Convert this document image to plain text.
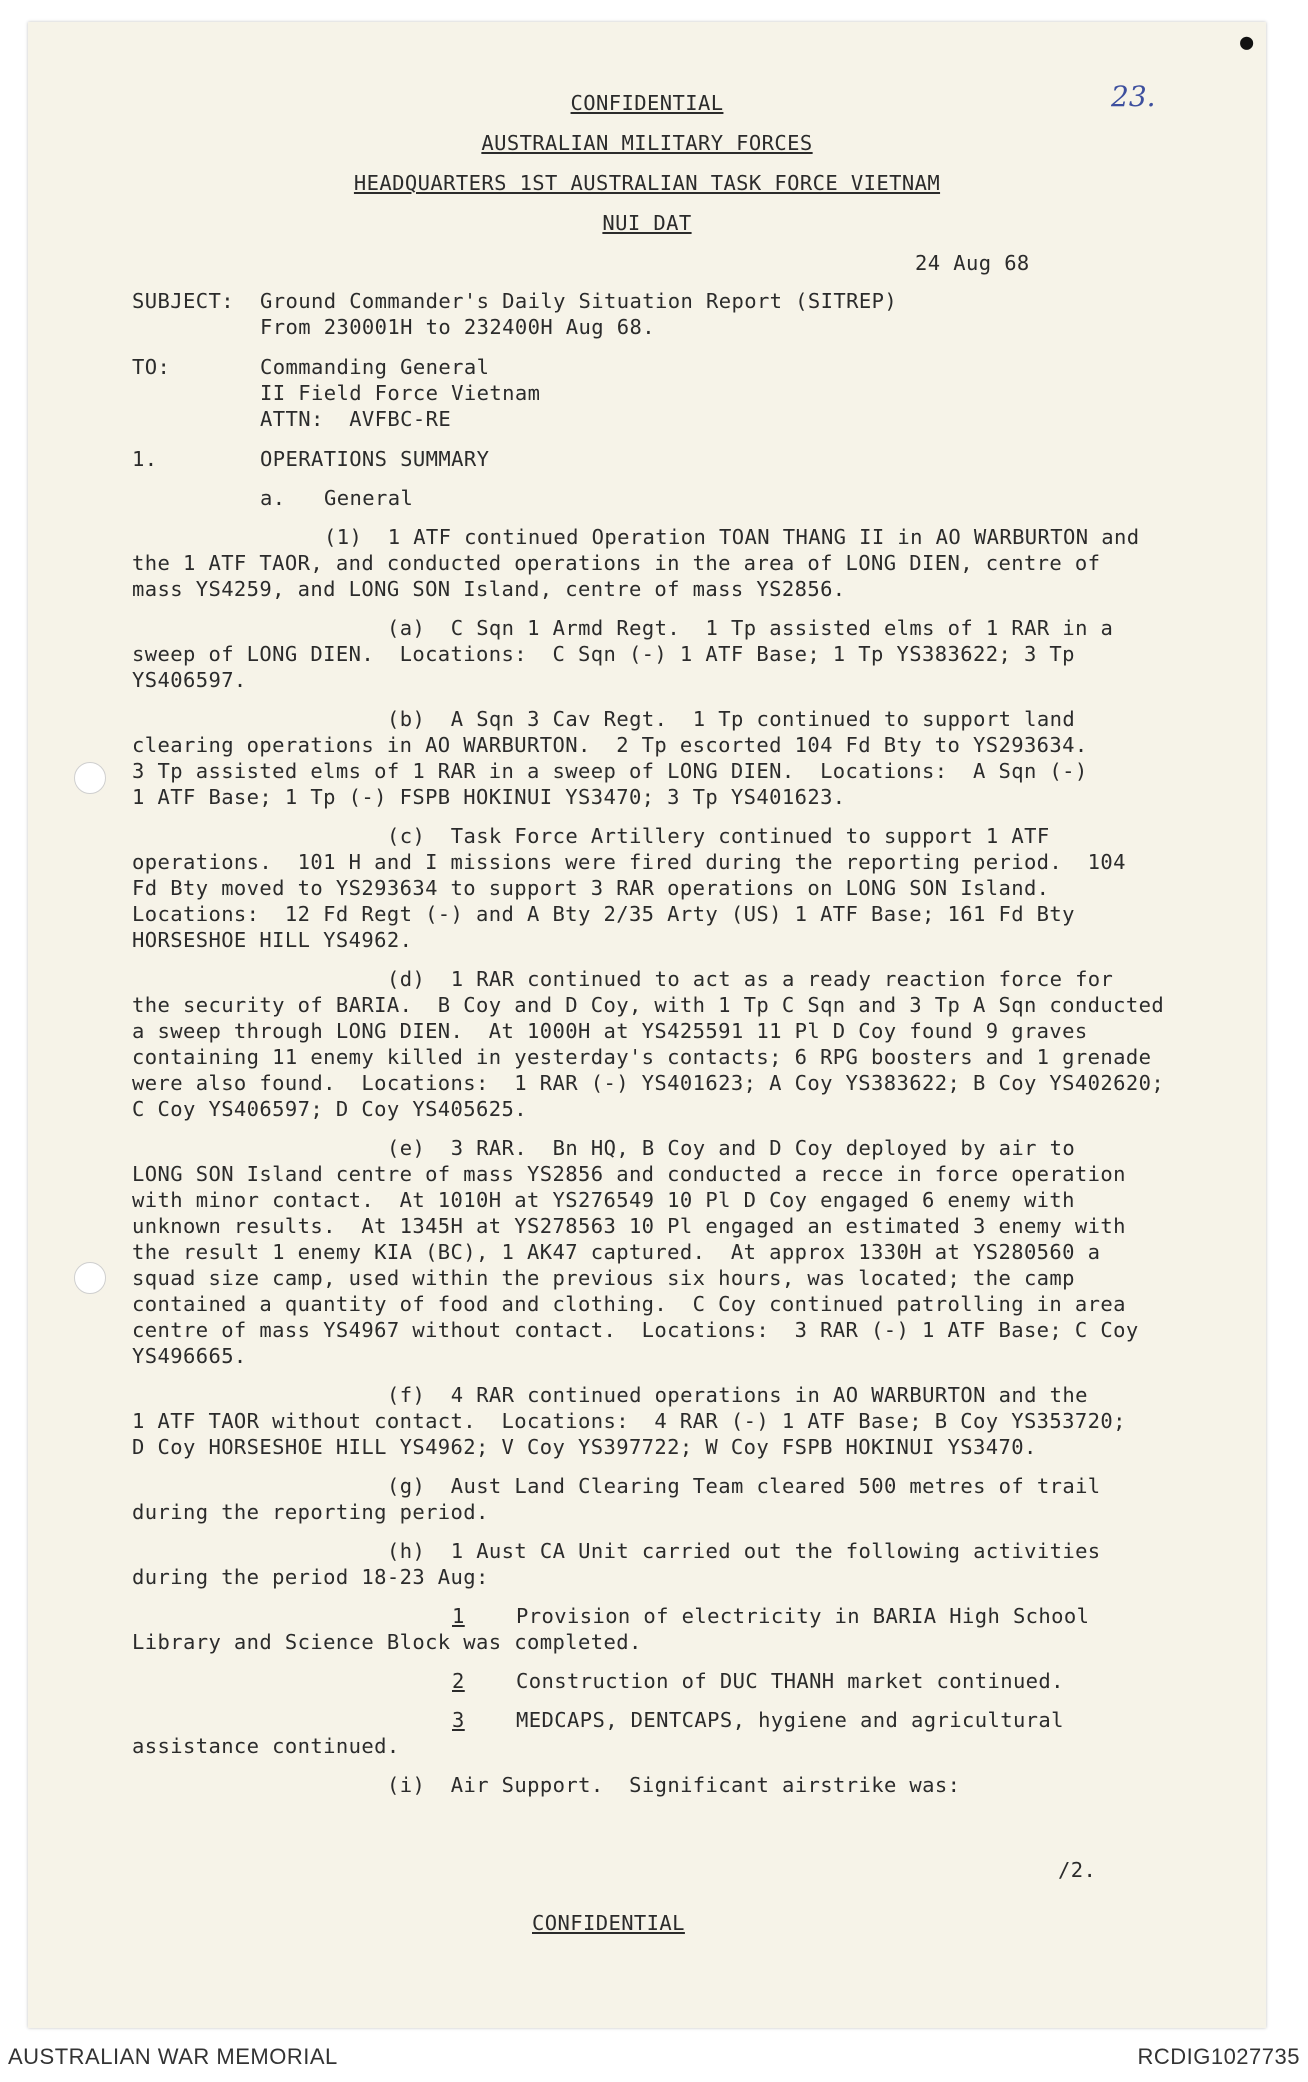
23.
CONFIDENTIAL
AUSTRALIAN MILITARY FORCES
HEADQUARTERS 1ST AUSTRALIAN TASK FORCE VIETNAM
NUI DAT
24 Aug 68
SUBJECT: Ground Commander's Daily Situation Report (SITREP)
From 230001H to 232400H Aug 68.
TO:	Commanding General
II Field Force Vietnam
ATTN:  AVFBC-RE
1.	OPERATIONS SUMMARY
a. General
(1)  1 ATF continued Operation TOAN THANG II in AO WARBURTON and
the 1 ATF TAOR, and conducted operations in the area of LONG DIEN, centre of
mass YS4259, and LONG SON Island, centre of mass YS2856.
(a)  C Sqn 1 Armd Regt.  1 Tp assisted elms of 1 RAR in a
sweep of LONG DIEN.  Locations:  C Sqn (-) 1 ATF Base; 1 Tp YS383622; 3 Tp
YS406597.
(b)  A Sqn 3 Cav Regt.  1 Tp continued to support land
clearing operations in AO WARBURTON.  2 Tp escorted 104 Fd Bty to YS293634.
3 Tp assisted elms of 1 RAR in a sweep of LONG DIEN.  Locations:  A Sqn (-)
1 ATF Base; 1 Tp (-) FSPB HOKINUI YS3470; 3 Tp YS401623.
(c)  Task Force Artillery continued to support 1 ATF
operations.  101 H and I missions were fired during the reporting period.  104
Fd Bty moved to YS293634 to support 3 RAR operations on LONG SON Island.
Locations:  12 Fd Regt (-) and A Bty 2/35 Arty (US) 1 ATF Base; 161 Fd Bty
HORSESHOE HILL YS4962.
(d)  1 RAR continued to act as a ready reaction force for
the security of BARIA.  B Coy and D Coy, with 1 Tp C Sqn and 3 Tp A Sqn conducted
a sweep through LONG DIEN.  At 1000H at YS425591 11 Pl D Coy found 9 graves
containing 11 enemy killed in yesterday's contacts; 6 RPG boosters and 1 grenade
were also found.  Locations:  1 RAR (-) YS401623; A Coy YS383622; B Coy YS402620;
C Coy YS406597; D Coy YS405625.
(e)  3 RAR.  Bn HQ, B Coy and D Coy deployed by air to
LONG SON Island centre of mass YS2856 and conducted a recce in force operation
with minor contact.  At 1010H at YS276549 10 Pl D Coy engaged 6 enemy with
unknown results.  At 1345H at YS278563 10 Pl engaged an estimated 3 enemy with
the result 1 enemy KIA (BC), 1 AK47 captured.  At approx 1330H at YS280560 a
squad size camp, used within the previous six hours, was located; the camp
contained a quantity of food and clothing.  C Coy continued patrolling in area
centre of mass YS4967 without contact.  Locations:  3 RAR (-) 1 ATF Base; C Coy
YS496665.
(f)  4 RAR continued operations in AO WARBURTON and the
1 ATF TAOR without contact.  Locations:  4 RAR (-) 1 ATF Base; B Coy YS353720;
D Coy HORSESHOE HILL YS4962; V Coy YS397722; W Coy FSPB HOKINUI YS3470.
(g)  Aust Land Clearing Team cleared 500 metres of trail
during the reporting period.
(h)  1 Aust CA Unit carried out the following activities
during the period 18-23 Aug:
1	Provision of electricity in BARIA High School
Library and Science Block was completed.
2	Construction of DUC THANH market continued.
3	MEDCAPS, DENTCAPS, hygiene and agricultural
assistance continued.
(i)  Air Support.  Significant airstrike was:
/2.
CONFIDENTIAL
●
AUSTRALIAN WAR MEMORIAL	RCDIG1027735
